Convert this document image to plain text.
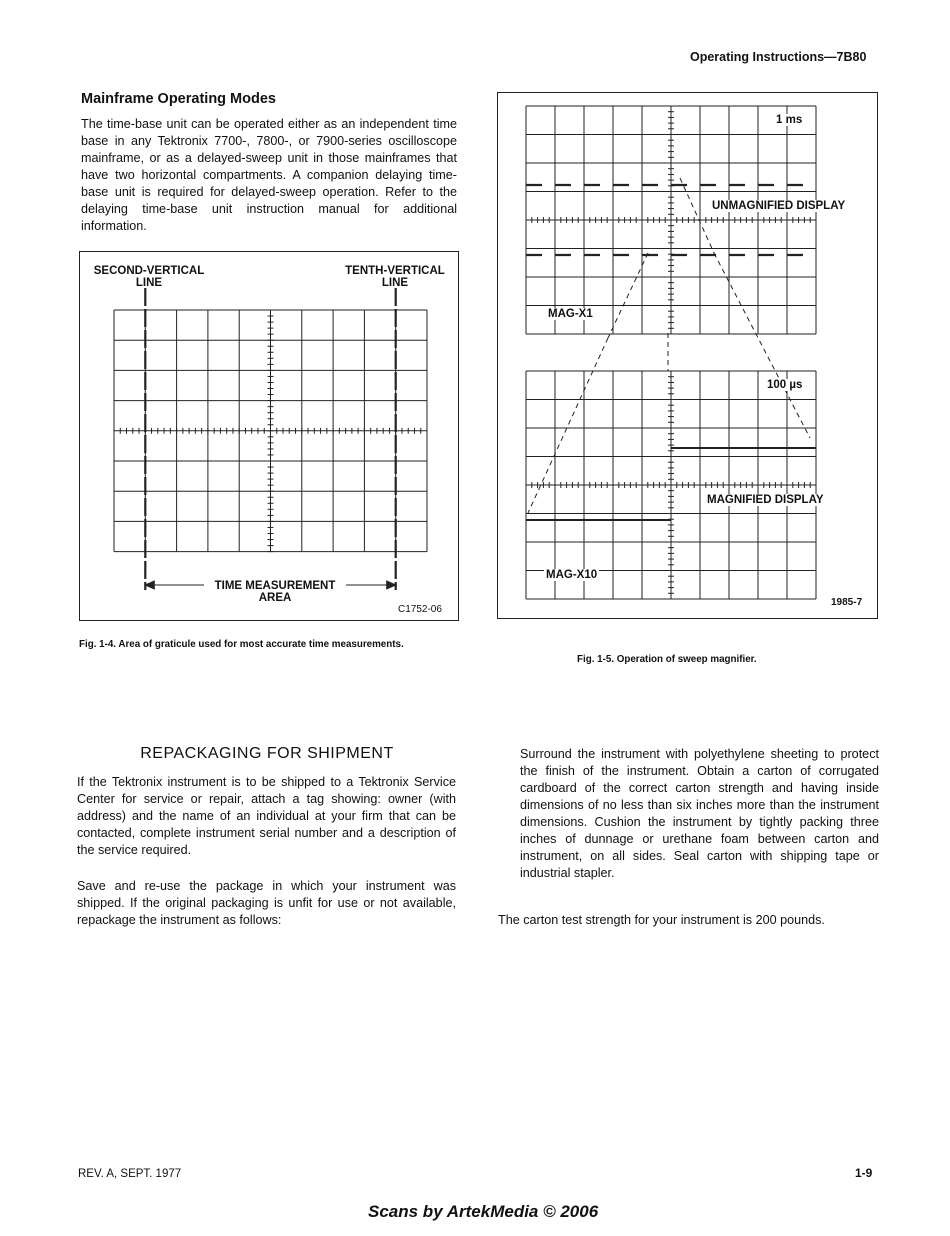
Operating Instructions—7B80
Mainframe Operating Modes

The time-base unit can be operated either as an independent time base in any Tektronix 7700-, 7800-, or 7900-series oscilloscope mainframe, or as a delayed-sweep unit in those mainframes that have two horizontal compartments. A companion delaying time-base unit is required for delayed-sweep operation. Refer to the delaying time-base unit instruction manual for additional information.

SECOND-VERTICAL
LINE
TENTH-VERTICAL
LINE
TIME MEASUREMENT
AREA
C1752-06
Fig. 1-4. Area of graticule used for most accurate time measurements.
1 ms
UNMAGNIFIED DISPLAY
MAG-X1
100 µs
MAGNIFIED DISPLAY
MAG-X10
1985-7
Fig. 1-5. Operation of sweep magnifier.
REPACKAGING FOR SHIPMENT

If the Tektronix instrument is to be shipped to a Tektronix Service Center for service or repair, attach a tag showing: owner (with address) and the name of an individual at your firm that can be contacted, complete instrument serial number and a description of the service required.

Save and re-use the package in which your instrument was shipped. If the original packaging is unfit for use or not available, repackage the instrument as follows:

Surround the instrument with polyethylene sheeting to protect the finish of the instrument. Obtain a carton of corrugated cardboard of the correct carton strength and having inside dimensions of no less than six inches more than the instrument dimensions. Cushion the instrument by tightly packing three inches of dunnage or urethane foam between carton and instrument, on all sides. Seal carton with shipping tape or industrial stapler.

The carton test strength for your instrument is 200 pounds.

REV. A, SEPT. 1977	1-9
Scans by ArtekMedia © 2006
